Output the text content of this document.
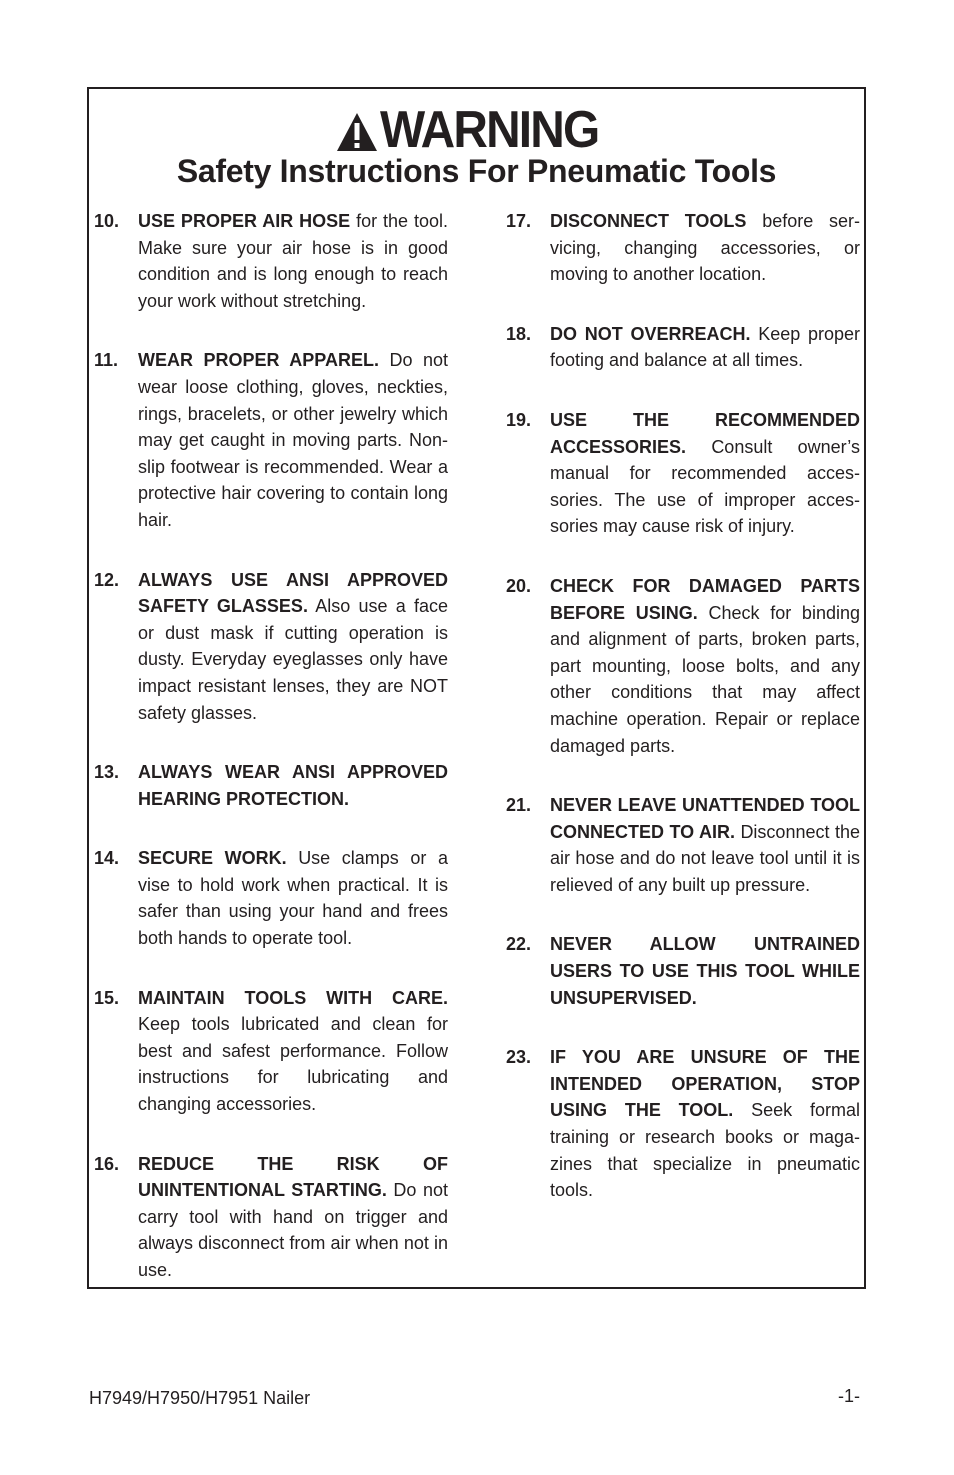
WARNING
Safety Instructions For Pneumatic Tools
10.	USE PROPER AIR HOSE for the tool. Make sure your air hose is in good condition and is long enough to reach your work without stretching.
11.	WEAR PROPER APPAREL. Do not wear loose clothing, gloves, neckties, rings, bracelets, or other jewelry which may get caught in moving parts. Non-slip footwear is recommended. Wear a protective hair covering to contain long hair.
12.	ALWAYS USE ANSI APPROVED SAFETY GLASSES. Also use a face or dust mask if cutting operation is dusty. Everyday eyeglasses only have impact resistant lenses, they are NOT safety glasses.
13.	ALWAYS WEAR ANSI APPROVED HEARING PROTECTION.
14.	SECURE WORK. Use clamps or a vise to hold work when practical. It is safer than using your hand and frees both hands to operate tool.
15.	MAINTAIN TOOLS WITH CARE. Keep tools lubricated and clean for best and safest performance. Follow instructions for lubricating and changing accessories.
16.	REDUCE THE RISK OF UNINTENTIONAL STARTING. Do not carry tool with hand on trigger and always disconnect from air when not in use.
17.	DISCONNECT TOOLS before servicing, changing accessories, or moving to another location.
18.	DO NOT OVERREACH. Keep proper footing and balance at all times.
19.	USE THE RECOMMENDED ACCESSORIES. Consult owner’s manual for recommended accessories. The use of improper accessories may cause risk of injury.
20.	CHECK FOR DAMAGED PARTS BEFORE USING. Check for binding and alignment of parts, broken parts, part mounting, loose bolts, and any other conditions that may affect machine operation. Repair or replace damaged parts.
21.	NEVER LEAVE UNATTENDED TOOL CONNECTED TO AIR. Disconnect the air hose and do not leave tool until it is relieved of any built up pressure.
22.	NEVER ALLOW UNTRAINED USERS TO USE THIS TOOL WHILE UNSUPERVISED.
23.	IF YOU ARE UNSURE OF THE INTENDED OPERATION, STOP USING THE TOOL. Seek formal training or research books or magazines that specialize in pneumatic tools.
H7949/H7950/H7951 Nailer	-1-
